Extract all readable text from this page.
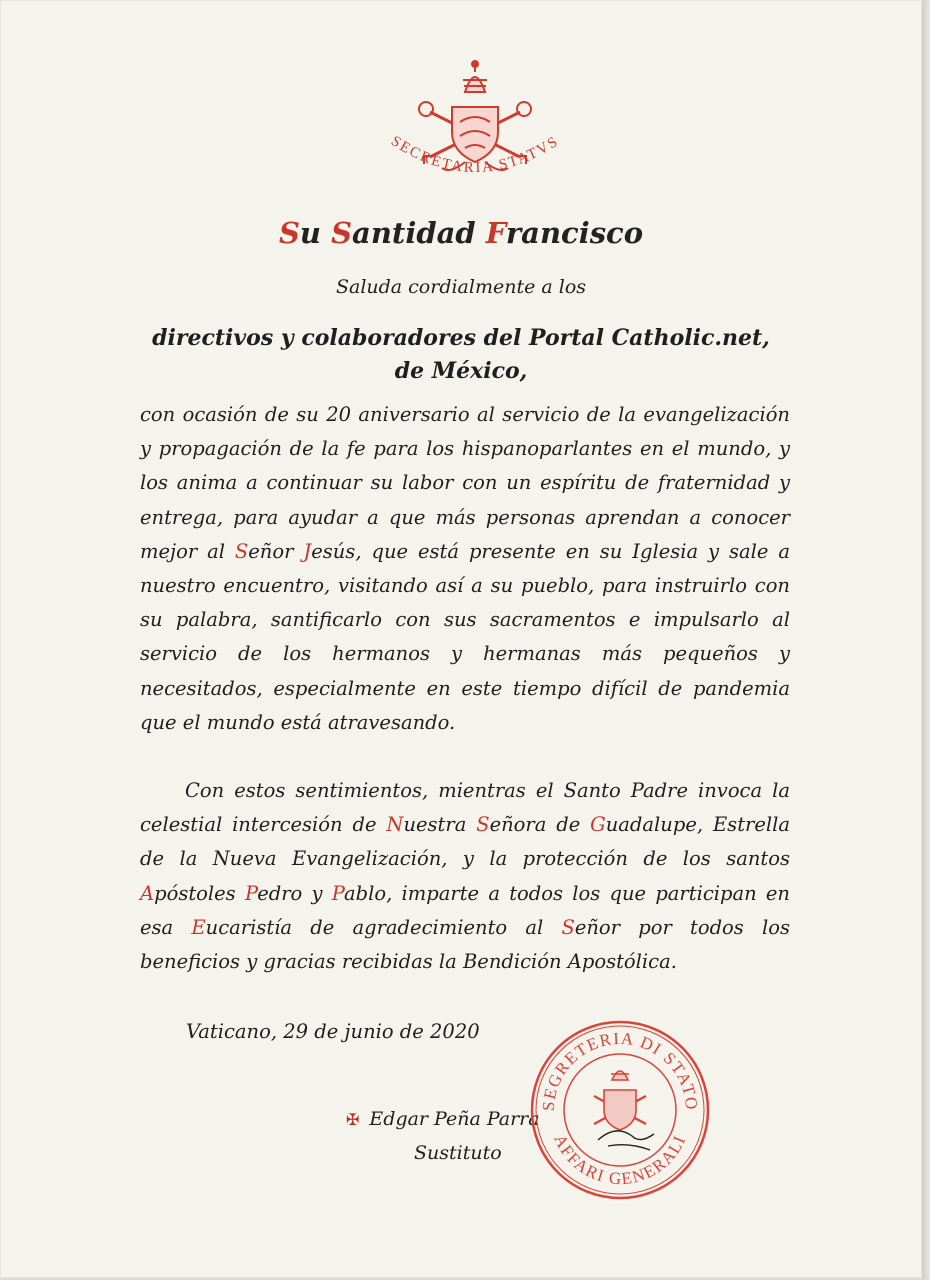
SECRETARIA STATVS
Su Santidad Francisco
Saluda cordialmente a los
directivos y colaboradores del Portal Catholic.net,
de México,
con ocasión de su 20 aniversario al servicio de la evangelización y propagación de la fe para los hispanoparlantes en el mundo, y los anima a continuar su labor con un espíritu de fraternidad y entrega, para ayudar a que más personas aprendan a conocer mejor al Señor Jesús, que está presente en su Iglesia y sale a nuestro encuentro, visitando así a su pueblo, para instruirlo con su palabra, santificarlo con sus sacramentos e impulsarlo al servicio de los hermanos y hermanas más pequeños y necesitados, especialmente en este tiempo difícil de pandemia que el mundo está atravesando.
Con estos sentimientos, mientras el Santo Padre invoca la celestial intercesión de Nuestra Señora de Guadalupe, Estrella de la Nueva Evangelización, y la protección de los santos Apóstoles Pedro y Pablo, imparte a todos los que participan en esa Eucaristía de agradecimiento al Señor por todos los beneficios y gracias recibidas la Bendición Apostólica.
Vaticano, 29 de junio de 2020
✠ Edgar Peña Parra
Sustituto
SEGRETERIA DI STATO
AFFARI GENERALI
